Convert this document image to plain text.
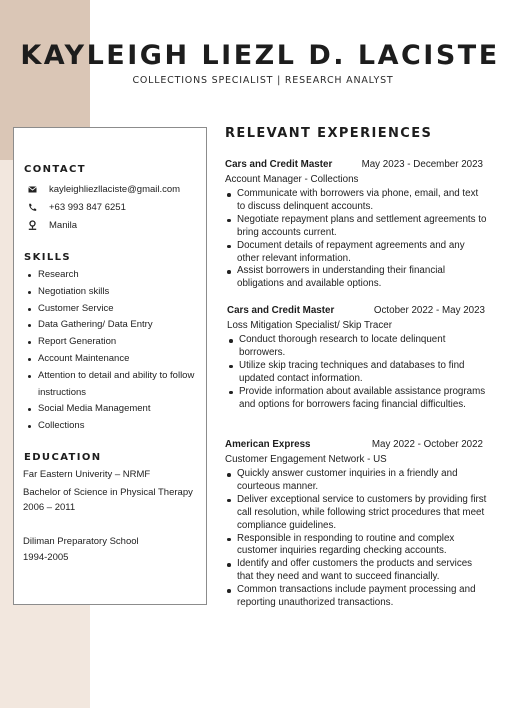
KAYLEIGH LIEZL D. LACISTE
COLLECTIONS SPECIALIST | RESEARCH ANALYST
CONTACT
kayleighliezllaciste@gmail.com
+63 993 847 6251
Manila
SKILLS
Research
Negotiation skills
Customer Service
Data Gathering/ Data Entry
Report Generation
Account Maintenance
Attention to detail and ability to follow instructions
Social Media Management
Collections
EDUCATION
Far Eastern Univerity – NRMF
Bachelor of Science in Physical Therapy
2006 – 2011
Diliman Preparatory School
1994-2005
RELEVANT EXPERIENCES
Cars and Credit Master	May 2023 - December 2023
Account Manager - Collections
Communicate with borrowers via phone, email, and text to discuss delinquent accounts.
Negotiate repayment plans and settlement agreements to bring accounts current.
Document details of repayment agreements and any other relevant information.
Assist borrowers in understanding their financial obligations and available options.
Cars and Credit Master	October 2022 - May 2023
Loss Mitigation Specialist/ Skip Tracer
Conduct thorough research to locate delinquent borrowers.
Utilize skip tracing techniques and databases to find updated contact information.
Provide information about available assistance programs and options for borrowers facing financial difficulties.
American Express	May 2022 - October 2022
Customer Engagement Network - US
Quickly answer customer inquiries in a friendly and courteous manner.
Deliver exceptional service to customers by providing first call resolution, while following strict procedures that meet compliance guidelines.
Responsible in responding to routine and complex customer inquiries regarding checking accounts.
Identify and offer customers the products and services that they need and want to succeed financially.
Common transactions include payment processing and reporting unauthorized transactions.
